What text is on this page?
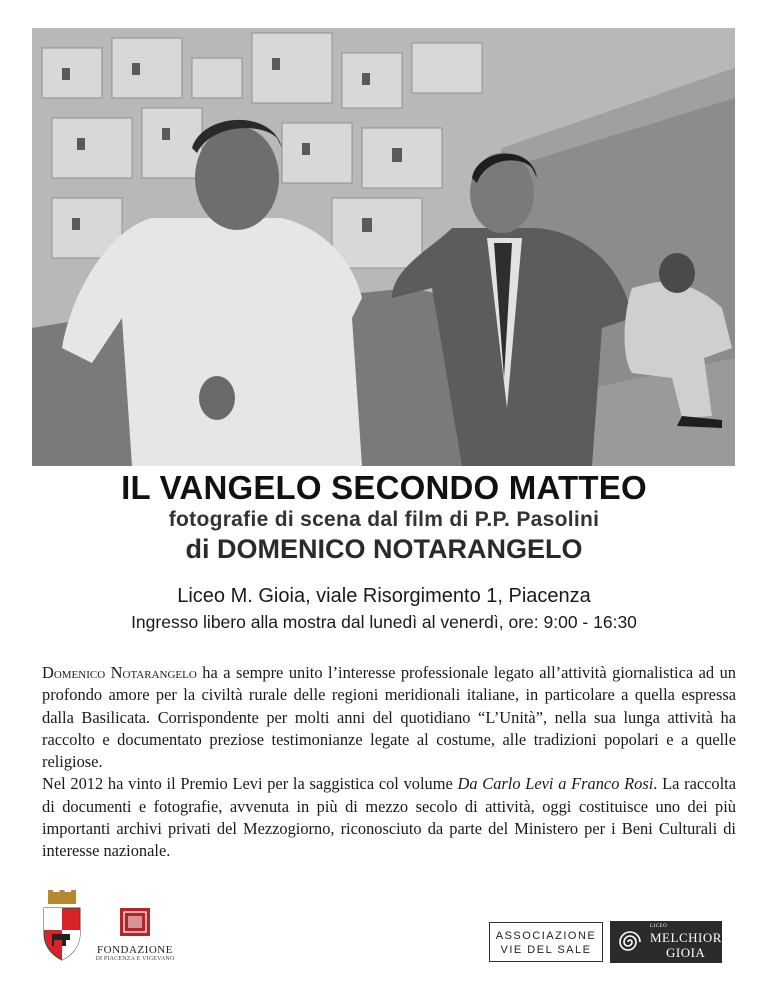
IL VANGELO SECONDO MATTEO
fotografie di scena dal film di P.P. Pasolini
di DOMENICO NOTARANGELO
Liceo M. Gioia, viale Risorgimento 1, Piacenza
Ingresso libero alla mostra dal lunedì al venerdì, ore: 9:00 - 16:30

Domenico Notarangelo ha a sempre unito l’interesse professionale legato all’attività giornalistica ad un profondo amore per la civiltà rurale delle regioni meridionali italiane, in particolare a quella espressa dalla Basilicata. Corrispondente per molti anni del quotidiano “L’Unità”, nella sua lunga attività ha raccolto e documentato preziose testimonianze legate al costume, alle tradizioni popolari e a quelle religiose.

Nel 2012 ha vinto il Premio Levi per la saggistica col volume Da Carlo Levi a Franco Rosi. La raccolta di documenti e fotografie, avvenuta in più di mezzo secolo di attività, oggi costituisce uno dei più importanti archivi privati del Mezzogiorno, riconosciuto da parte del Ministero per i Beni Culturali di interesse nazionale.

FONDAZIONE
DI PIACENZA E VIGEVANO
ASSOCIAZIONE
VIE DEL SALE
LICEO
MELCHIORRE
GIOIA
